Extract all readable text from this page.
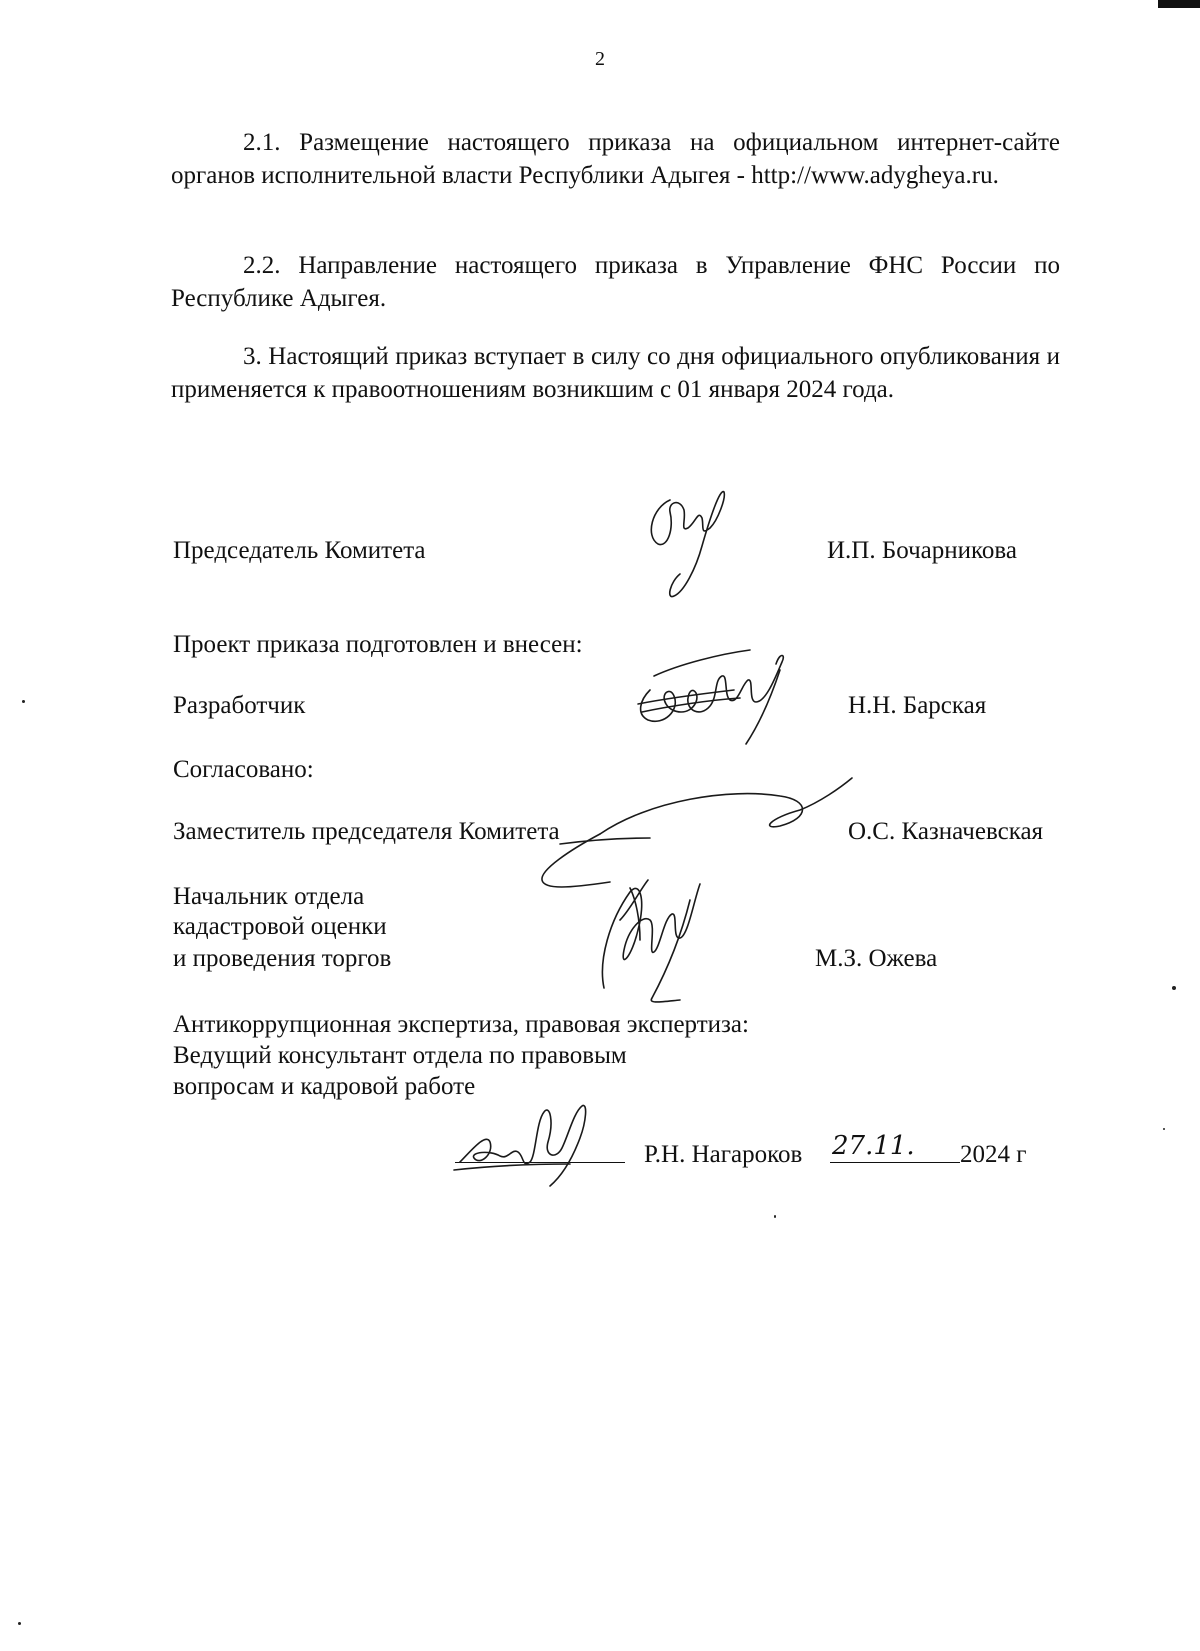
2

2.1. Размещение настоящего приказа на официальном интернет-сайте органов исполнительной власти Республики Адыгея - http://www.adygheya.ru.

2.2. Направление настоящего приказа в Управление ФНС России по Республике Адыгея.

3. Настоящий приказ вступает в силу со дня официального опубликования и применяется к правоотношениям возникшим с 01 января 2024 года.

Председатель Комитета	И.П. Бочарникова
Проект приказа подготовлен и внесен:
Разработчик	Н.Н. Барская
Согласовано:
Заместитель председателя Комитета	О.С. Казначевская
Начальник отдела
кадастровой оценки
и проведения торгов	М.З. Ожева
Антикоррупционная экспертиза, правовая экспертиза:
Ведущий консультант отдела по правовым
вопросам и кадровой работе
Р.Н. Нагароков 27.11. 2024 г
